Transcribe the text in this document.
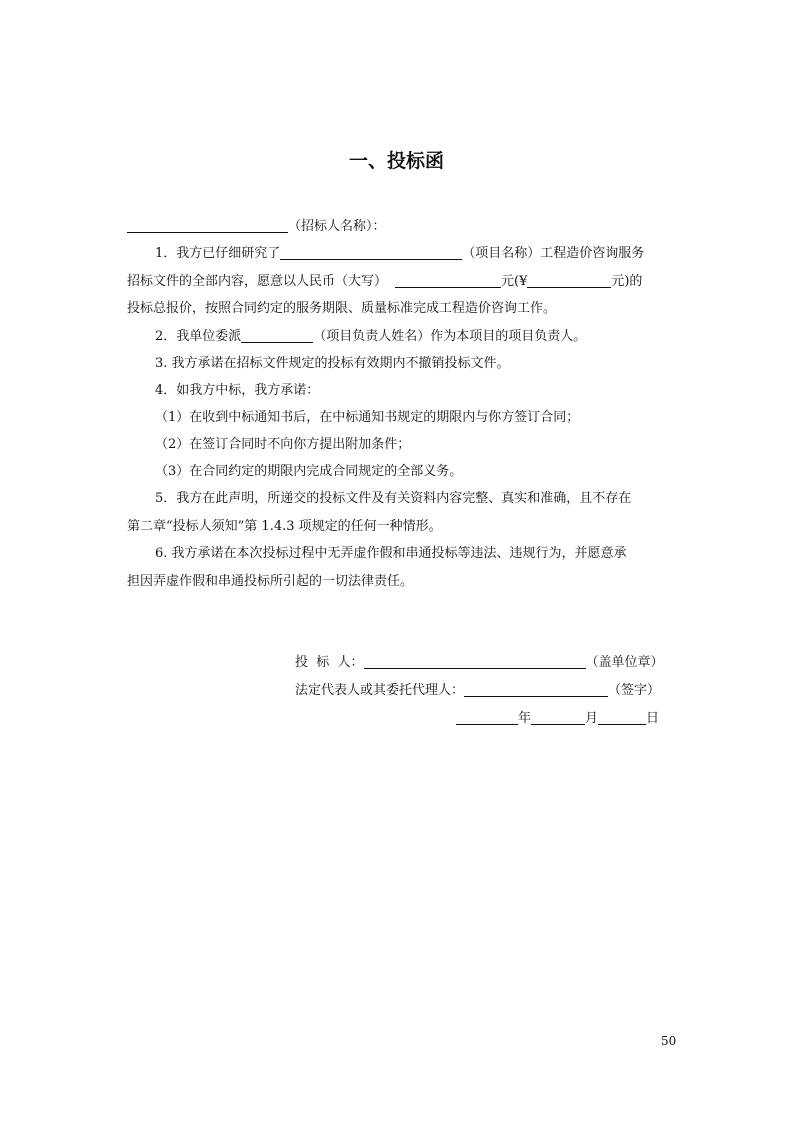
一、投标函
（招标人名称）：
1．我方已仔细研究了	（项目名称）工程造价咨询服务
招标文件的全部内容，愿意以人民币（大写）	元(¥	元)的
投标总报价，按照合同约定的服务期限、质量标准完成工程造价咨询工作。
2．我单位委派	（项目负责人姓名）作为本项目的项目负责人。
3. 我方承诺在招标文件规定的投标有效期内不撤销投标文件。
4．如我方中标，我方承诺：
（1）在收到中标通知书后，在中标通知书规定的期限内与你方签订合同；
（2）在签订合同时不向你方提出附加条件；
（3）在合同约定的期限内完成合同规定的全部义务。
5．我方在此声明，所递交的投标文件及有关资料内容完整、真实和准确，且不存在
第二章“投标人须知”第 1.4.3 项规定的任何一种情形。
6. 我方承诺在本次投标过程中无弄虚作假和串通投标等违法、违规行为，并愿意承
担因弄虚作假和串通投标所引起的一切法律责任。
投  标  人：	（盖单位章）
法定代表人或其委托代理人：	（签字）
年	月	日
50
